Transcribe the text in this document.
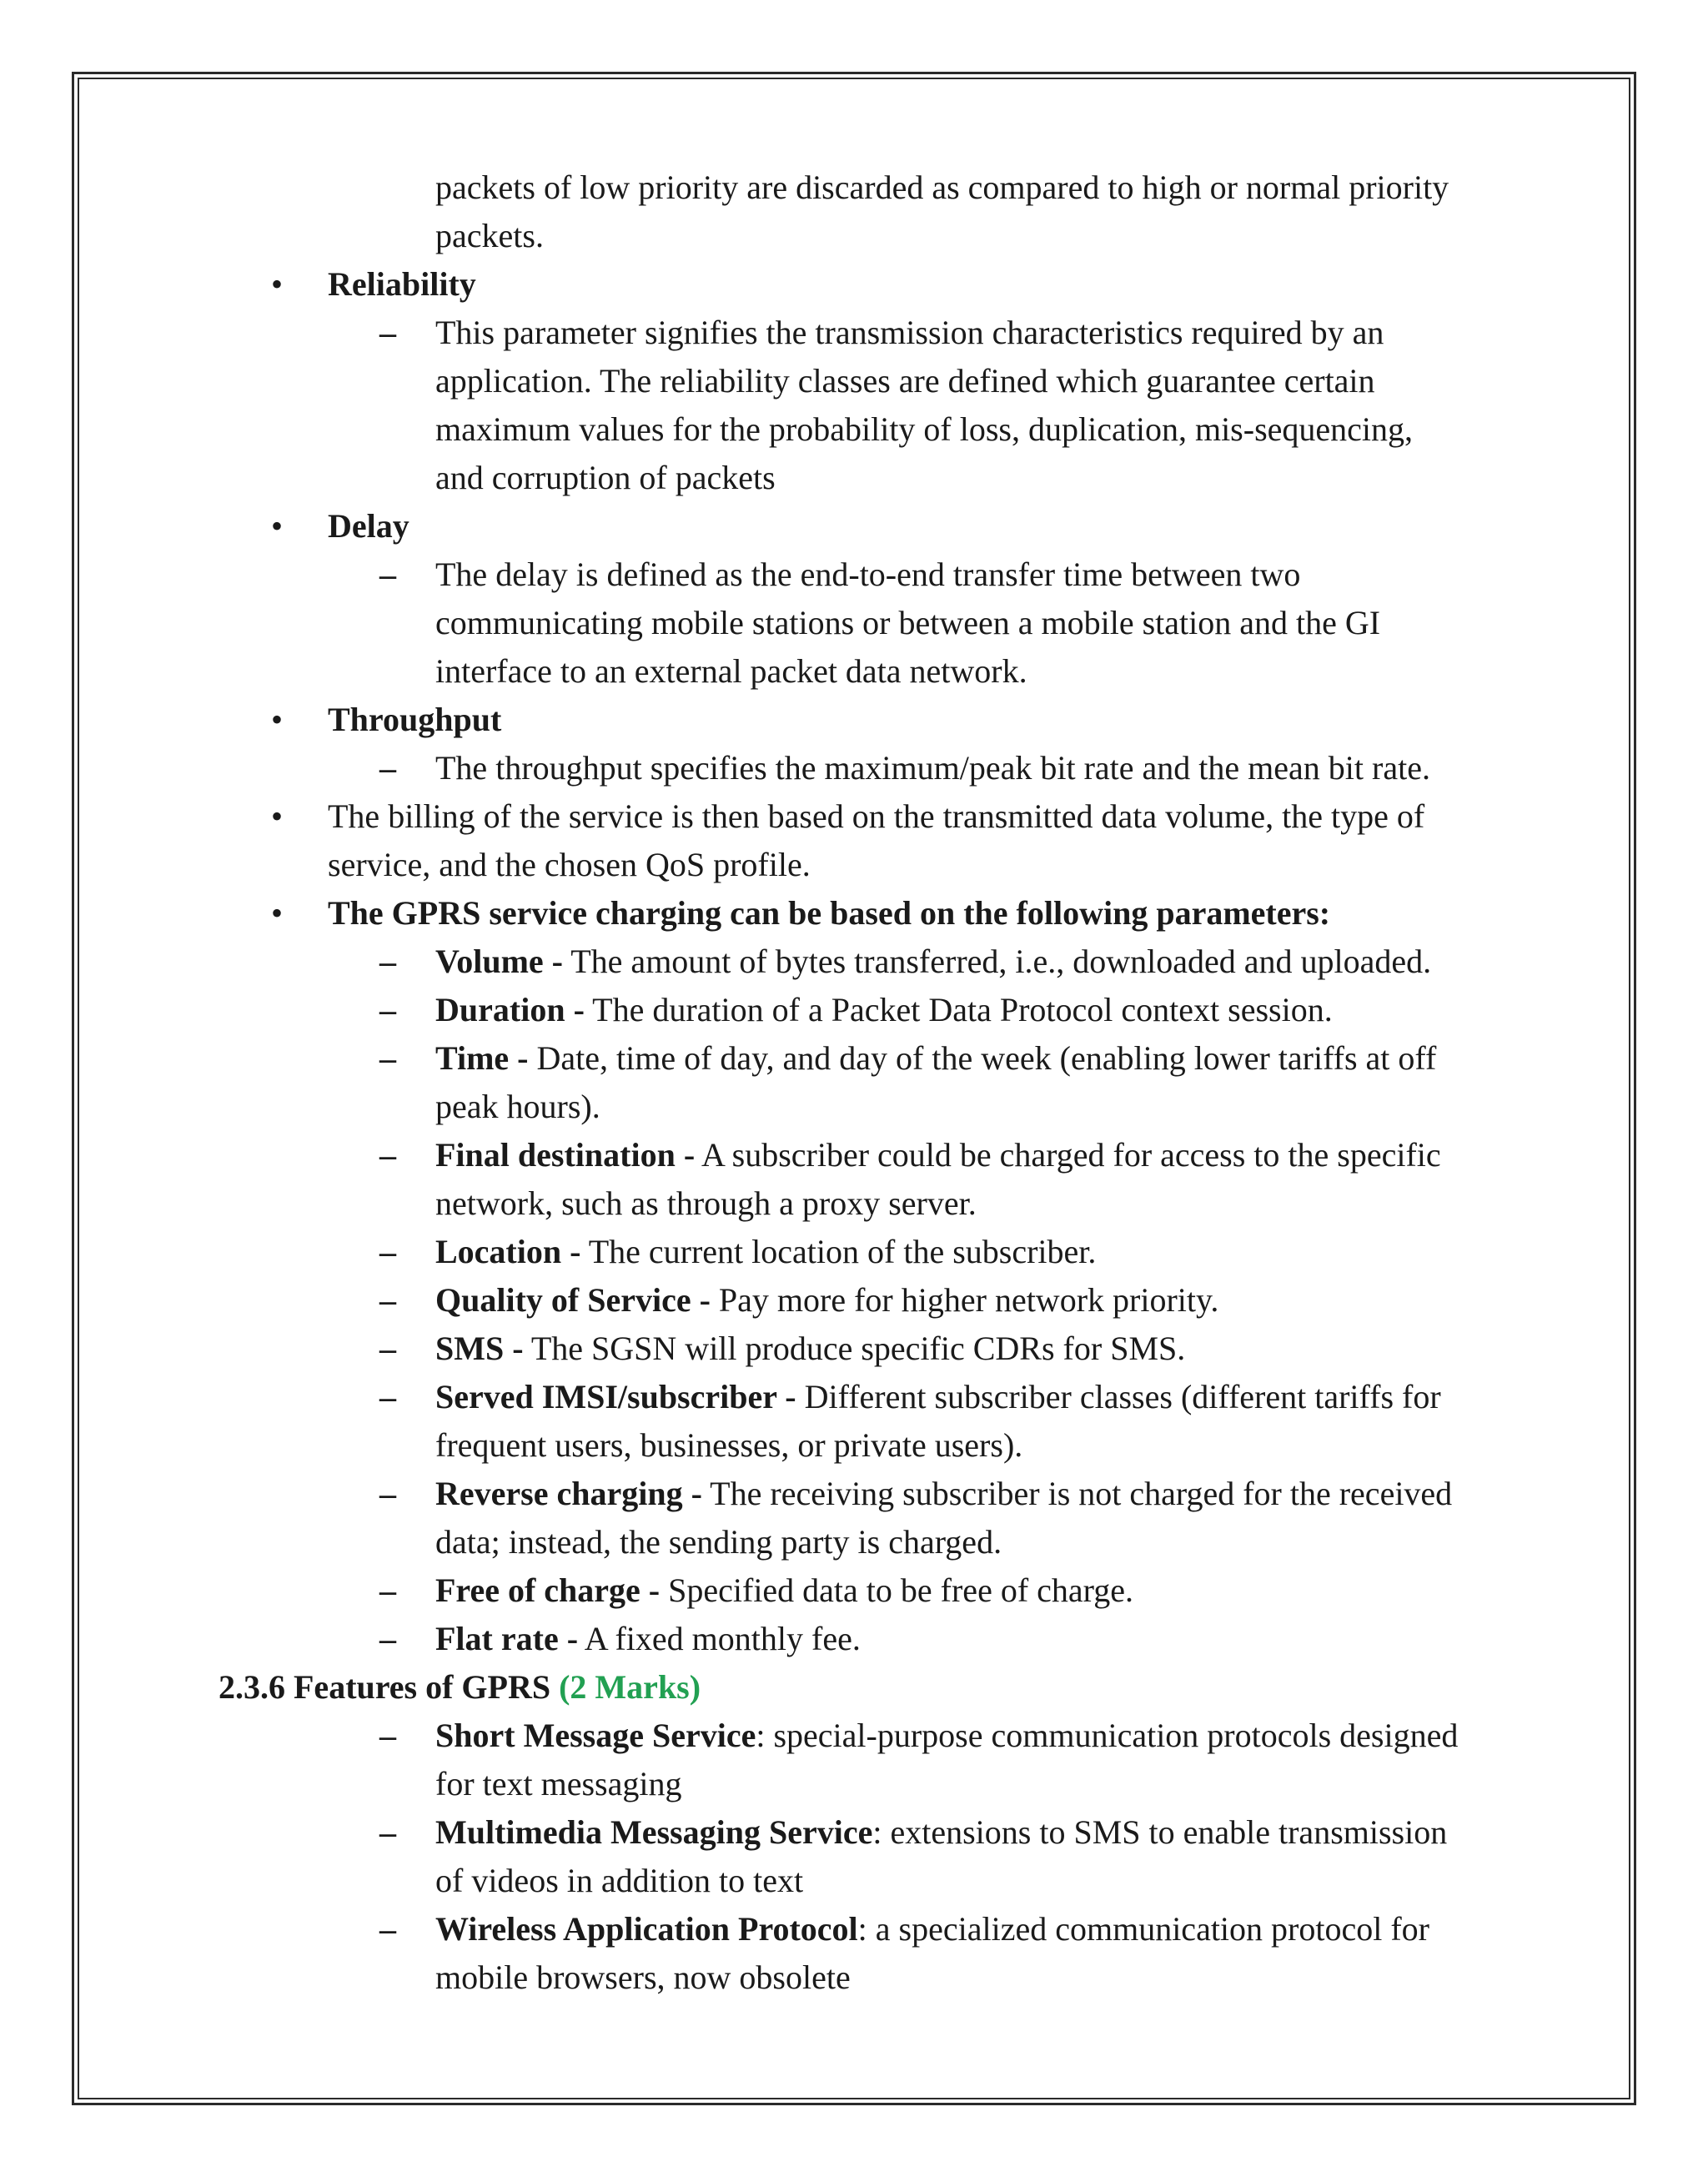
packets of low priority are discarded as compared to high or normal priority
packets.
• Reliability
– This parameter signifies the transmission characteristics required by an
application. The reliability classes are defined which guarantee certain
maximum values for the probability of loss, duplication, mis-sequencing,
and corruption of packets
• Delay
– The delay is defined as the end-to-end transfer time between two
communicating mobile stations or between a mobile station and the GI
interface to an external packet data network.
• Throughput
– The throughput specifies the maximum/peak bit rate and the mean bit rate.
• The billing of the service is then based on the transmitted data volume, the type of
service, and the chosen QoS profile.
• The GPRS service charging can be based on the following parameters:
– Volume - The amount of bytes transferred, i.e., downloaded and uploaded.
– Duration - The duration of a Packet Data Protocol context session.
– Time - Date, time of day, and day of the week (enabling lower tariffs at off
peak hours).
– Final destination - A subscriber could be charged for access to the specific
network, such as through a proxy server.
– Location - The current location of the subscriber.
– Quality of Service - Pay more for higher network priority.
– SMS - The SGSN will produce specific CDRs for SMS.
– Served IMSI/subscriber - Different subscriber classes (different tariffs for
frequent users, businesses, or private users).
– Reverse charging - The receiving subscriber is not charged for the received
data; instead, the sending party is charged.
– Free of charge - Specified data to be free of charge.
– Flat rate - A fixed monthly fee.
2.3.6 Features of GPRS (2 Marks)
– Short Message Service: special-purpose communication protocols designed
for text messaging
– Multimedia Messaging Service: extensions to SMS to enable transmission
of videos in addition to text
– Wireless Application Protocol: a specialized communication protocol for
mobile browsers, now obsolete
